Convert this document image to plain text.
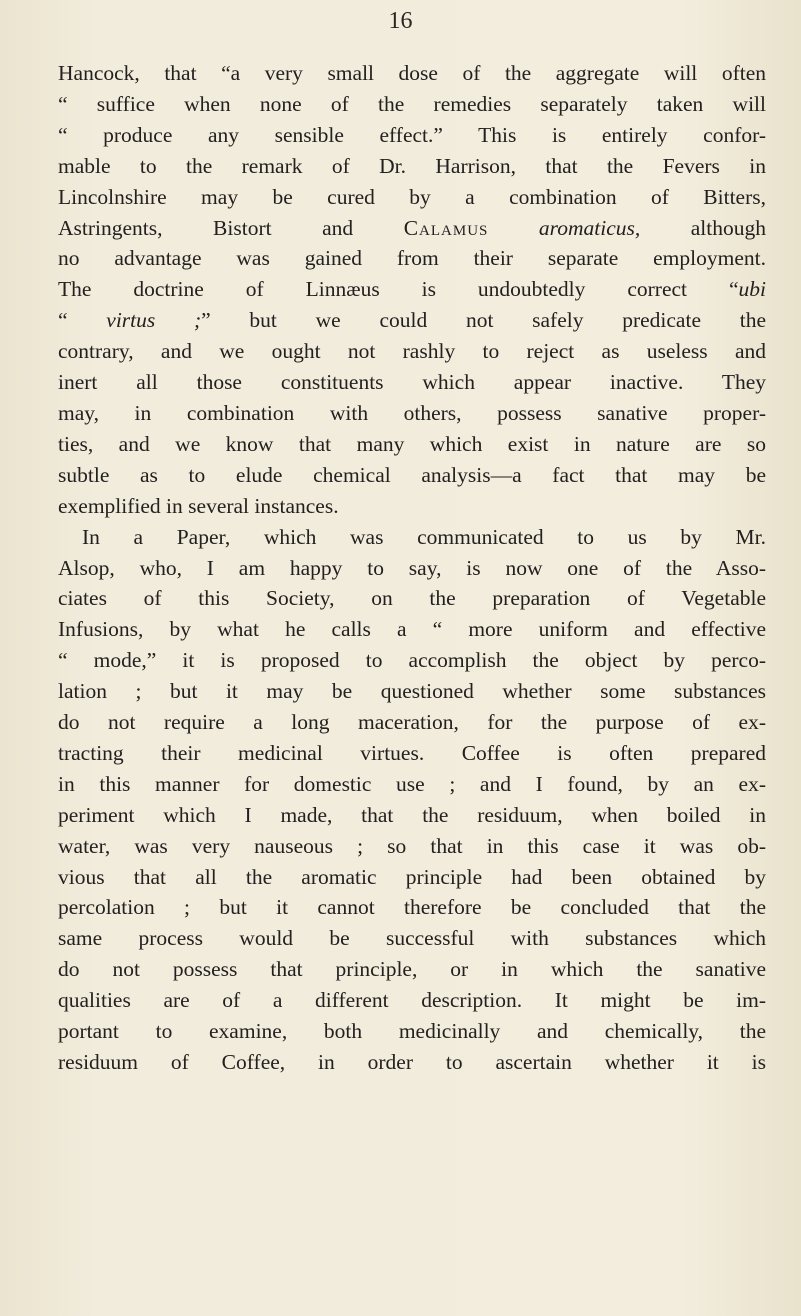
16
Hancock, that “a very small dose of the aggregate will often
“ suffice when none of the remedies separately taken will
“ produce any sensible effect.” This is entirely confor-
mable to the remark of Dr. Harrison, that the Fevers in
Lincolnshire may be cured by a combination of Bitters,
Astringents, Bistort and Calamus aromaticus, although
no advantage was gained from their separate employment.
The doctrine of Linnæus is undoubtedly correct “ubi
“ virtus ;” but we could not safely predicate the
contrary, and we ought not rashly to reject as useless and
inert all those constituents which appear inactive. They
may, in combination with others, possess sanative proper-
ties, and we know that many which exist in nature are so
subtle as to elude chemical analysis—a fact that may be
exemplified in several instances.
In a Paper, which was communicated to us by Mr.
Alsop, who, I am happy to say, is now one of the Asso-
ciates of this Society, on the preparation of Vegetable
Infusions, by what he calls a “ more uniform and effective
“ mode,” it is proposed to accomplish the object by perco-
lation ; but it may be questioned whether some substances
do not require a long maceration, for the purpose of ex-
tracting their medicinal virtues. Coffee is often prepared
in this manner for domestic use ; and I found, by an ex-
periment which I made, that the residuum, when boiled in
water, was very nauseous ; so that in this case it was ob-
vious that all the aromatic principle had been obtained by
percolation ; but it cannot therefore be concluded that the
same process would be successful with substances which
do not possess that principle, or in which the sanative
qualities are of a different description. It might be im-
portant to examine, both medicinally and chemically, the
residuum of Coffee, in order to ascertain whether it is
